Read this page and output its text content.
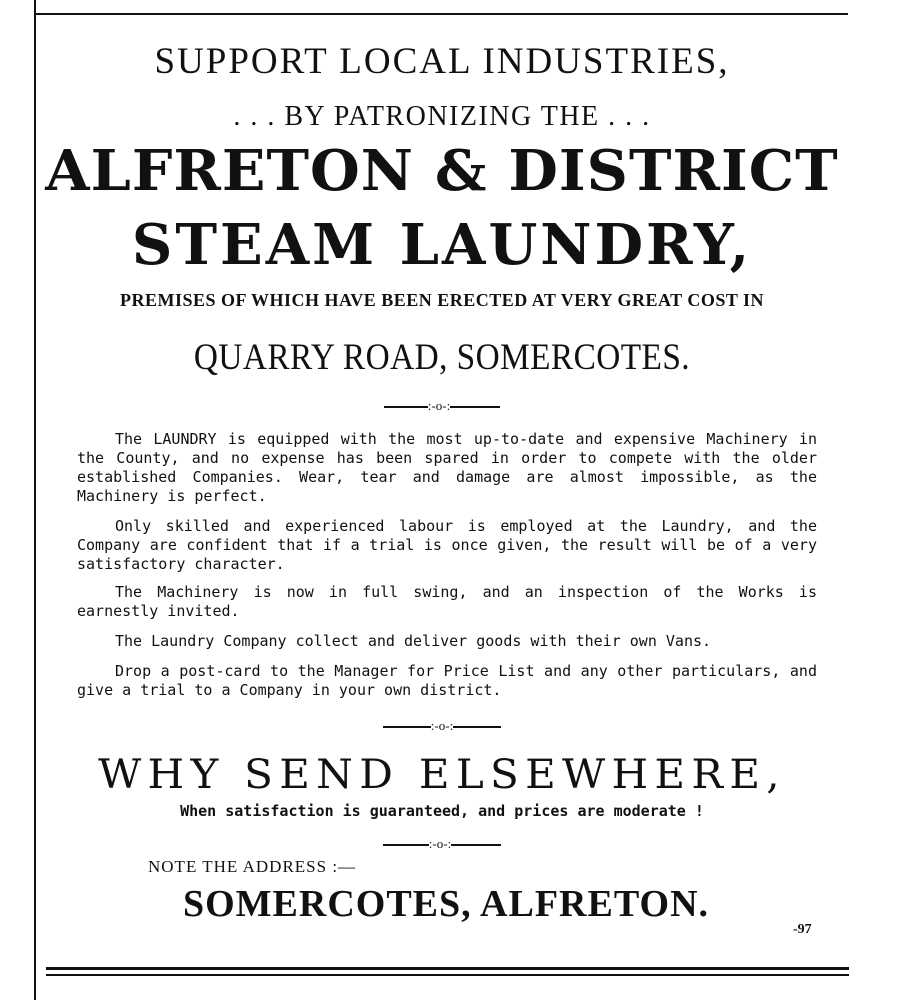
SUPPORT LOCAL INDUSTRIES,
. . . BY PATRONIZING THE . . .
ALFRETON & DISTRICT
STEAM LAUNDRY,
PREMISES OF WHICH HAVE BEEN ERECTED AT VERY GREAT COST IN
QUARRY ROAD, SOMERCOTES.
:-o-:
The LAUNDRY is equipped with the most up-to-date and expensive Machinery in the County, and no expense has been spared in order to compete with the older established Companies. Wear, tear and damage are almost impossible, as the Machinery is perfect.
Only skilled and experienced labour is employed at the Laundry, and the Company are confident that if a trial is once given, the result will be of a very satisfactory character.
The Machinery is now in full swing, and an inspection of the Works is earnestly invited.
The Laundry Company collect and deliver goods with their own Vans.
Drop a post-card to the Manager for Price List and any other particulars, and give a trial to a Company in your own district.
:-o-:
WHY SEND ELSEWHERE,
When satisfaction is guaranteed, and prices are moderate !
:-o-:
NOTE THE ADDRESS :—
SOMERCOTES, ALFRETON.
-97
